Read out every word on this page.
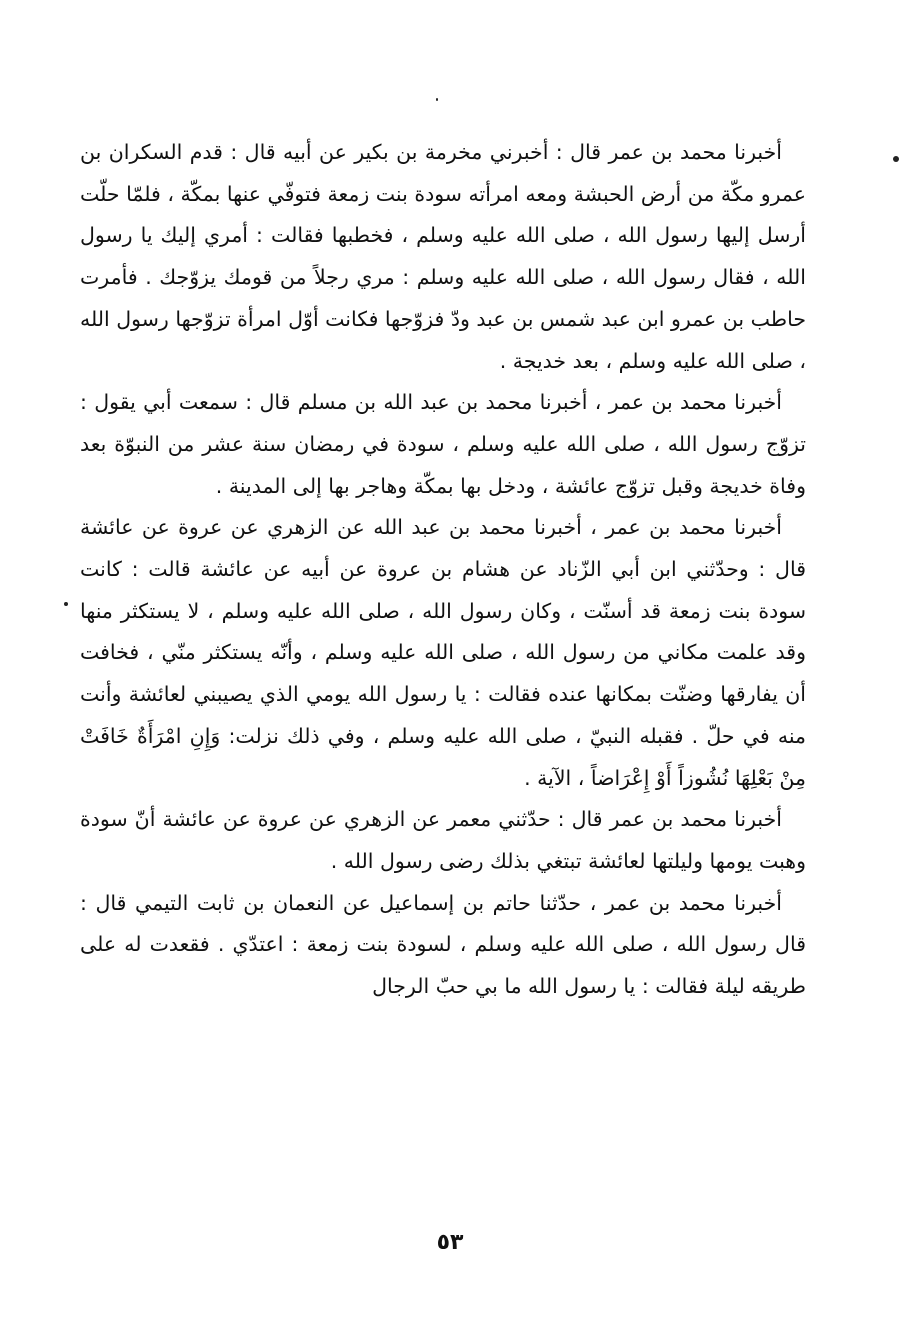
أخبرنا محمد بن عمر قال : أخبرني مخرمة بن بكير عن أبيه قال : قدم السكران بن عمرو مكّة من أرض الحبشة ومعه امرأته سودة بنت زمعة فتوفّي عنها بمكّة ، فلمّا حلّت أرسل إليها رسول الله ، صلى الله عليه وسلم ، فخطبها فقالت : أمري إليك يا رسول الله ، فقال رسول الله ، صلى الله عليه وسلم : مري رجلاً من قومك يزوّجك . فأمرت حاطب بن عمرو ابن عبد شمس بن عبد ودّ فزوّجها فكانت أوّل امرأة تزوّجها رسول الله ، صلى الله عليه وسلم ، بعد خديجة .

أخبرنا محمد بن عمر ، أخبرنا محمد بن عبد الله بن مسلم قال : سمعت أبي يقول : تزوّج رسول الله ، صلى الله عليه وسلم ، سودة في رمضان سنة عشر من النبوّة بعد وفاة خديجة وقبل تزوّج عائشة ، ودخل بها بمكّة وهاجر بها إلى المدينة .

أخبرنا محمد بن عمر ، أخبرنا محمد بن عبد الله عن الزهري عن عروة عن عائشة قال : وحدّثني ابن أبي الزّناد عن هشام بن عروة عن أبيه عن عائشة قالت : كانت سودة بنت زمعة قد أسنّت ، وكان رسول الله ، صلى الله عليه وسلم ، لا يستكثر منها وقد علمت مكاني من رسول الله ، صلى الله عليه وسلم ، وأنّه يستكثر منّي ، فخافت أن يفارقها وضنّت بمكانها عنده فقالت : يا رسول الله يومي الذي يصيبني لعائشة وأنت منه في حلّ . فقبله النبيّ ، صلى الله عليه وسلم ، وفي ذلك نزلت: وَإِنِ امْرَأَةٌ خَافَتْ مِنْ بَعْلِهَا نُشُوزاً أَوْ إِعْرَاضاً ، الآية .

أخبرنا محمد بن عمر قال : حدّثني معمر عن الزهري عن عروة عن عائشة أنّ سودة وهبت يومها وليلتها لعائشة تبتغي بذلك رضى رسول الله .

أخبرنا محمد بن عمر ، حدّثنا حاتم بن إسماعيل عن النعمان بن ثابت التيمي قال : قال رسول الله ، صلى الله عليه وسلم ، لسودة بنت زمعة : اعتدّي . فقعدت له على طريقه ليلة فقالت : يا رسول الله ما بي حبّ الرجال

٥٣
